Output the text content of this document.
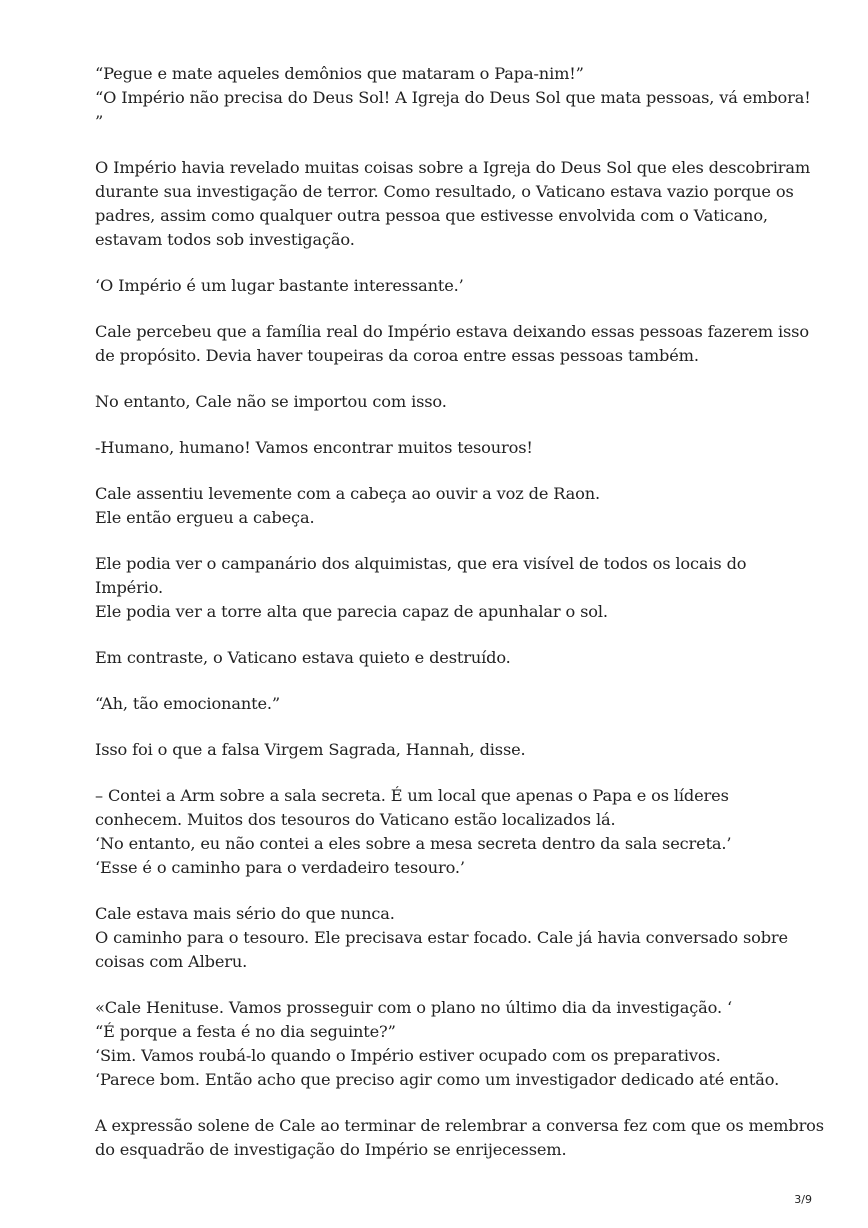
“Pegue e mate aqueles demônios que mataram o Papa-nim!”
“O Império não precisa do Deus Sol! A Igreja do Deus Sol que mata pessoas, vá embora!
”

O Império havia revelado muitas coisas sobre a Igreja do Deus Sol que eles descobriram
durante sua investigação de terror. Como resultado, o Vaticano estava vazio porque os
padres, assim como qualquer outra pessoa que estivesse envolvida com o Vaticano,
estavam todos sob investigação.

‘O Império é um lugar bastante interessante.’

Cale percebeu que a família real do Império estava deixando essas pessoas fazerem isso
de propósito. Devia haver toupeiras da coroa entre essas pessoas também.

No entanto, Cale não se importou com isso.

-Humano, humano! Vamos encontrar muitos tesouros!

Cale assentiu levemente com a cabeça ao ouvir a voz de Raon.
Ele então ergueu a cabeça.

Ele podia ver o campanário dos alquimistas, que era visível de todos os locais do
Império.
Ele podia ver a torre alta que parecia capaz de apunhalar o sol.

Em contraste, o Vaticano estava quieto e destruído.

“Ah, tão emocionante.”

Isso foi o que a falsa Virgem Sagrada, Hannah, disse.

– Contei a Arm sobre a sala secreta. É um local que apenas o Papa e os líderes
conhecem. Muitos dos tesouros do Vaticano estão localizados lá.
‘No entanto, eu não contei a eles sobre a mesa secreta dentro da sala secreta.’
‘Esse é o caminho para o verdadeiro tesouro.’

Cale estava mais sério do que nunca.
O caminho para o tesouro. Ele precisava estar focado. Cale já havia conversado sobre
coisas com Alberu.

«Cale Henituse. Vamos prosseguir com o plano no último dia da investigação. ‘
“É porque a festa é no dia seguinte?”
‘Sim. Vamos roubá-lo quando o Império estiver ocupado com os preparativos.
‘Parece bom. Então acho que preciso agir como um investigador dedicado até então.

A expressão solene de Cale ao terminar de relembrar a conversa fez com que os membros
do esquadrão de investigação do Império se enrijecessem.

3/9
